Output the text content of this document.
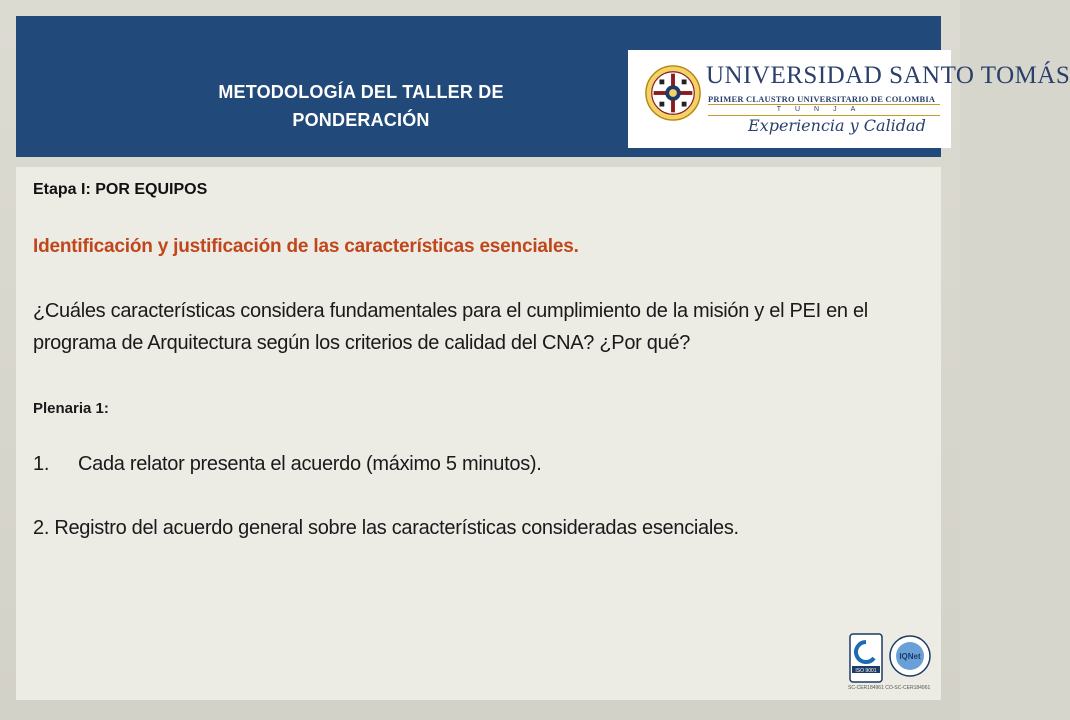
METODOLOGÍA DEL TALLER DE PONDERACIÓN
UNIVERSIDAD SANTO TOMÁS
PRIMER CLAUSTRO UNIVERSITARIO DE COLOMBIA
TUNJA
Experiencia y Calidad
Etapa I: POR EQUIPOS
Identificación y justificación de las características esenciales.
¿Cuáles características considera fundamentales para el cumplimiento de la misión y el PEI en el programa de Arquitectura según los criterios de calidad del CNA? ¿Por qué?
Plenaria 1:
1. Cada relator presenta el acuerdo (máximo 5 minutos).
2. Registro del acuerdo general sobre las características consideradas esenciales.
ISO 9001
IQNet
SC-CER184961 CO-SC-CER184961
